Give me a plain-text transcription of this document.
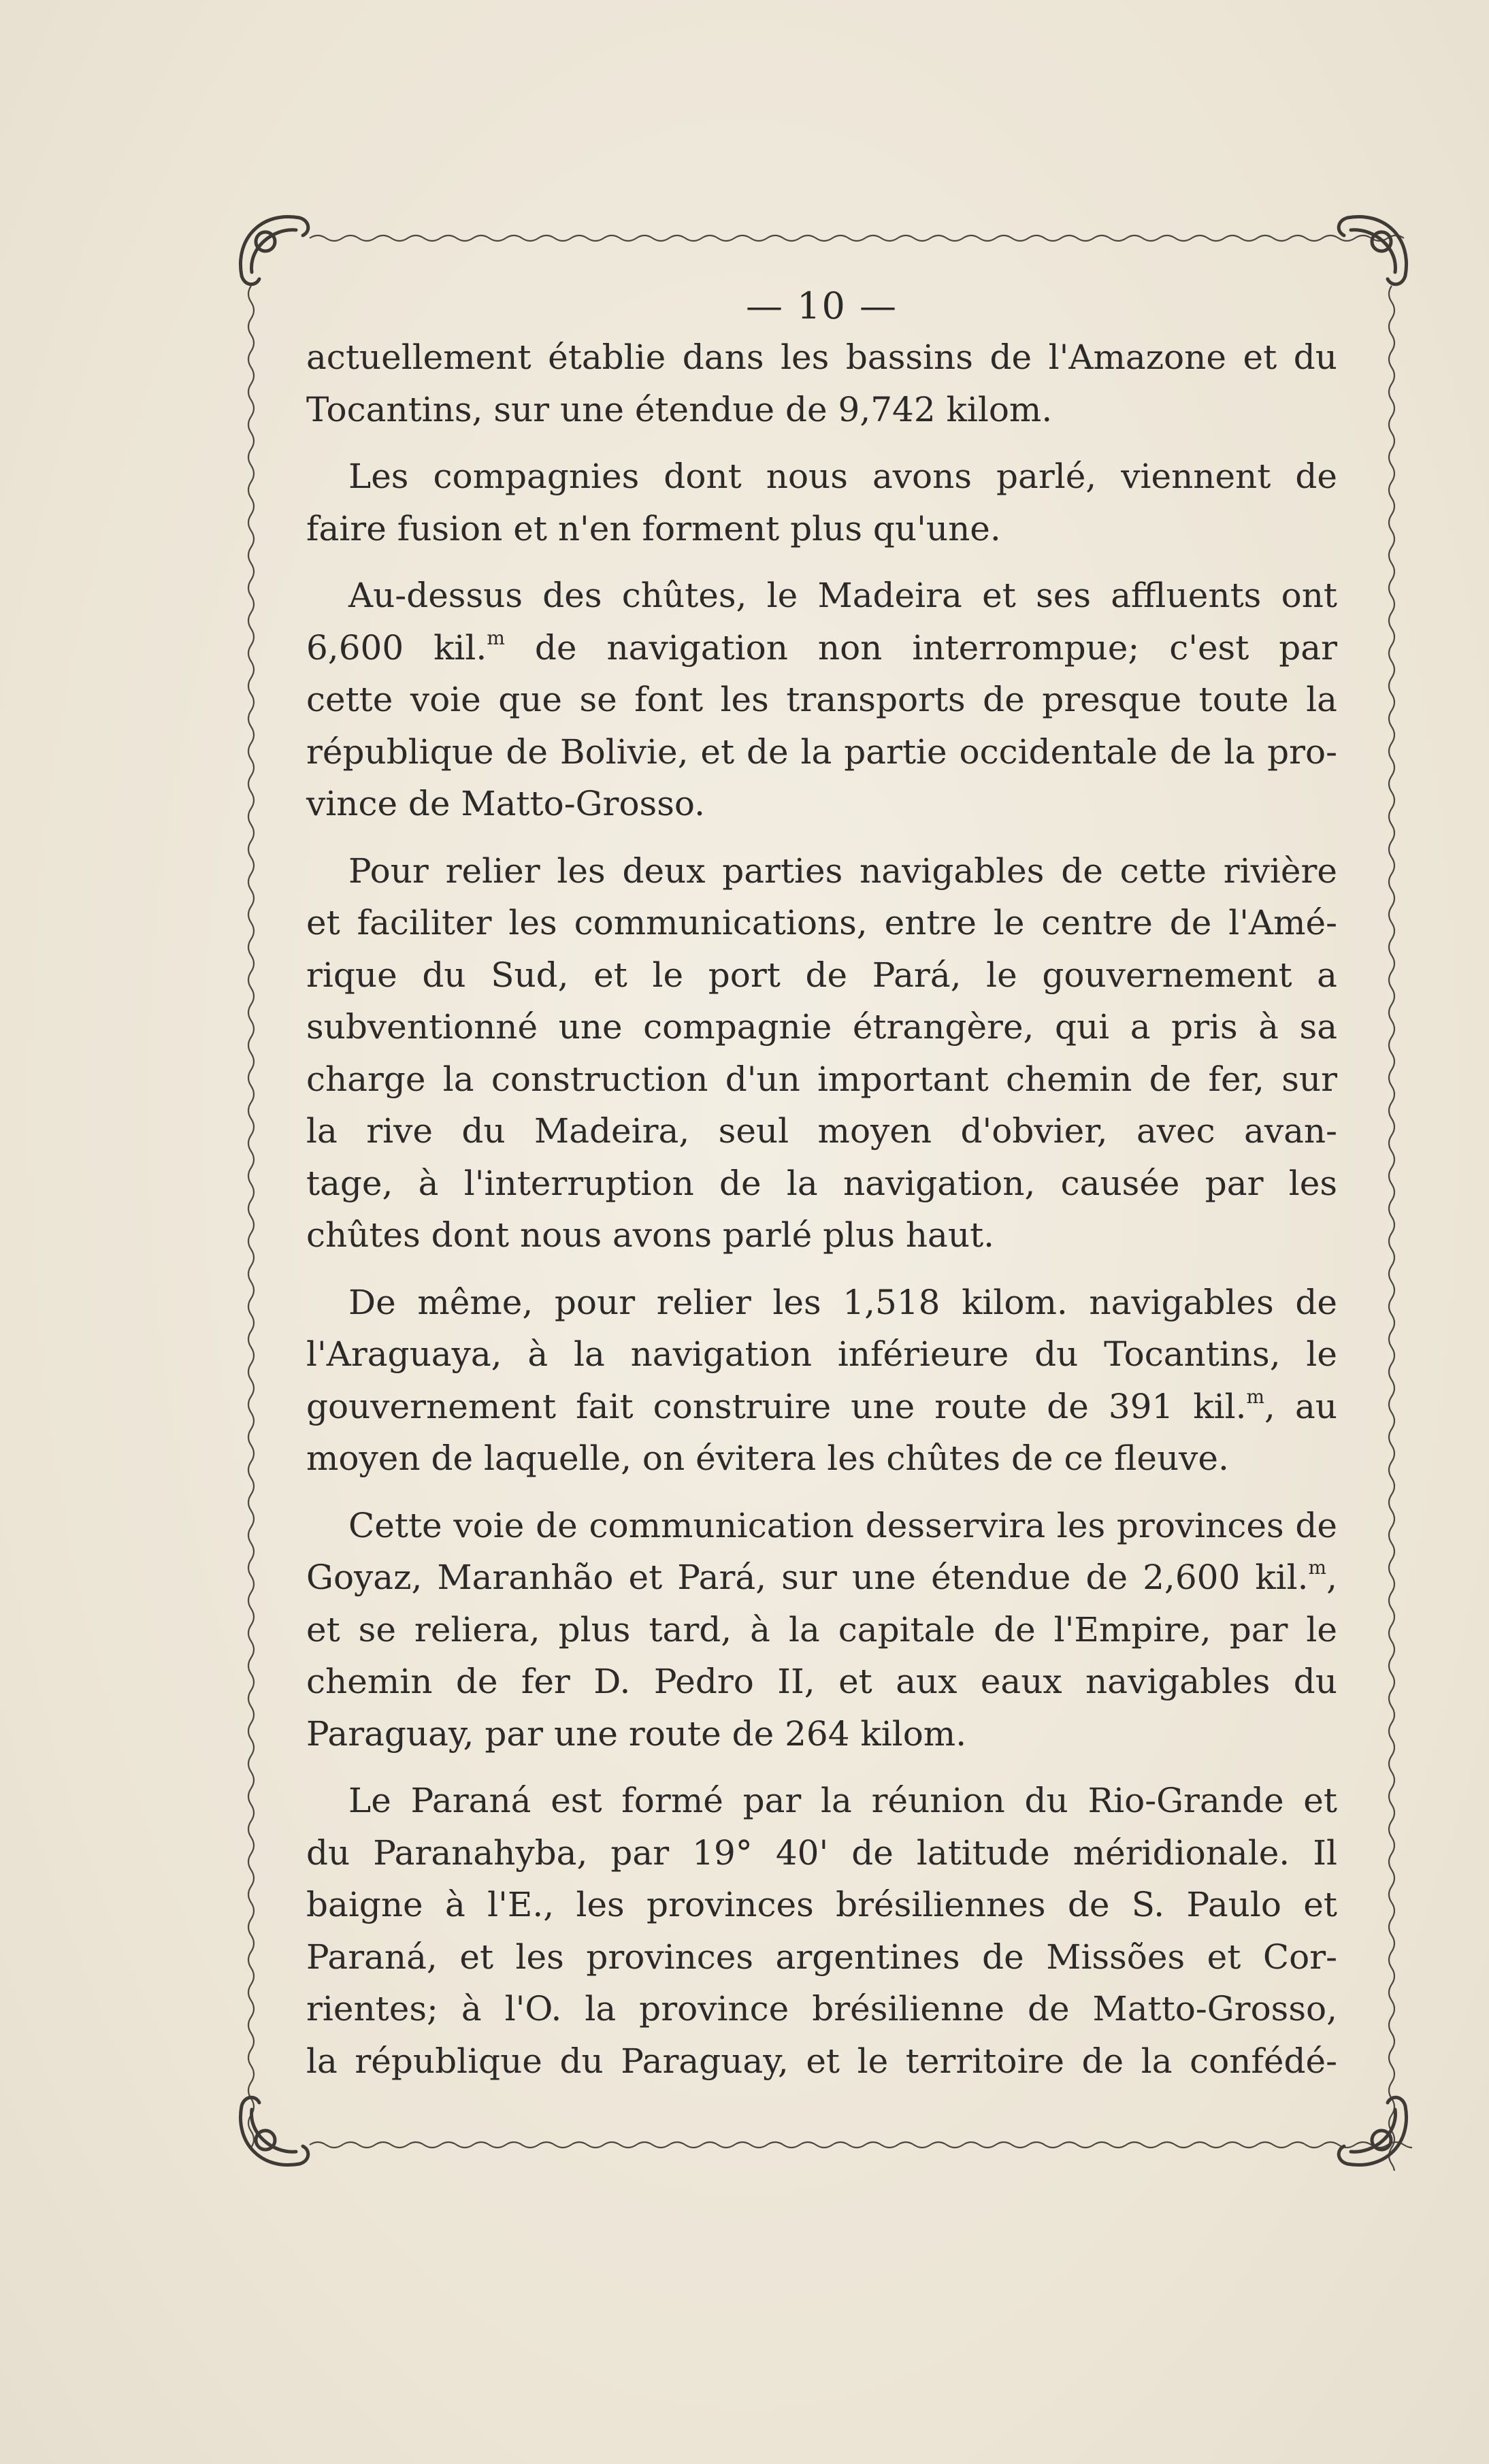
— 10 —
actuellement établie dans les bassins de l'Amazone et du
Tocantins, sur une étendue de 9,742 kilom.
Les compagnies dont nous avons parlé, viennent de
faire fusion et n'en forment plus qu'une.
Au-dessus des chûtes, le Madeira et ses affluents ont
6,600 kil.$^m$ de navigation non interrompue; c'est par
cette voie que se font les transports de presque toute la
république de Bolivie, et de la partie occidentale de la pro-
vince de Matto-Grosso.
Pour relier les deux parties navigables de cette rivière
et faciliter les communications, entre le centre de l'Amé-
rique du Sud, et le port de Pará, le gouvernement a
subventionné une compagnie étrangère, qui a pris à sa
charge la construction d'un important chemin de fer, sur
la rive du Madeira, seul moyen d'obvier, avec avan-
tage, à l'interruption de la navigation, causée par les
chûtes dont nous avons parlé plus haut.
De même, pour relier les 1,518 kilom. navigables de
l'Araguaya, à la navigation inférieure du Tocantins, le
gouvernement fait construire une route de 391 kil.$^m$, au
moyen de laquelle, on évitera les chûtes de ce fleuve.
Cette voie de communication desservira les provinces de
Goyaz, Maranhão et Pará, sur une étendue de 2,600 kil.$^m$,
et se reliera, plus tard, à la capitale de l'Empire, par le
chemin de fer D. Pedro II, et aux eaux navigables du
Paraguay, par une route de 264 kilom.
Le Paraná est formé par la réunion du Rio-Grande et
du Paranahyba, par 19° 40' de latitude méridionale. Il
baigne à l'E., les provinces brésiliennes de S. Paulo et
Paraná, et les provinces argentines de Missões et Cor-
rientes; à l'O. la province brésilienne de Matto-Grosso,
la république du Paraguay, et le territoire de la confédé-
